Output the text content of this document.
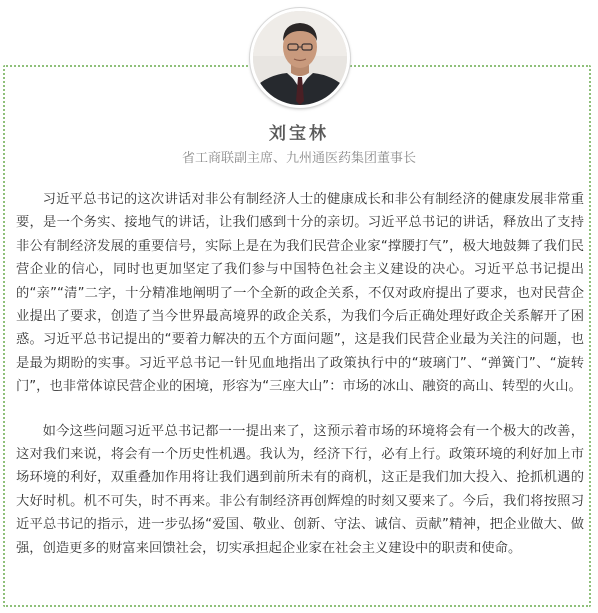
刘宝林
省工商联副主席、九州通医药集团董事长

习近平总书记的这次讲话对非公有制经济人士的健康成长和非公有制经济的健康发展非常重要，是一个务实、接地气的讲话，让我们感到十分的亲切。习近平总书记的讲话，释放出了支持非公有制经济发展的重要信号，实际上是在为我们民营企业家“撑腰打气”，极大地鼓舞了我们民营企业的信心，同时也更加坚定了我们参与中国特色社会主义建设的决心。习近平总书记提出的“亲”“清”二字，十分精准地阐明了一个全新的政企关系，不仅对政府提出了要求，也对民营企业提出了要求，创造了当今世界最高境界的政企关系，为我们今后正确处理好政企关系解开了困惑。习近平总书记提出的“要着力解决的五个方面问题”，这是我们民营企业最为关注的问题，也是最为期盼的实事。习近平总书记一针见血地指出了政策执行中的“玻璃门”、“弹簧门”、“旋转门”，也非常体谅民营企业的困境，形容为“三座大山”：市场的冰山、融资的高山、转型的火山。

如今这些问题习近平总书记都一一提出来了，这预示着市场的环境将会有一个极大的改善，这对我们来说，将会有一个历史性机遇。我认为，经济下行，必有上行。政策环境的利好加上市场环境的利好，双重叠加作用将让我们遇到前所未有的商机，这正是我们加大投入、抢抓机遇的大好时机。机不可失，时不再来。非公有制经济再创辉煌的时刻又要来了。今后，我们将按照习近平总书记的指示，进一步弘扬“爱国、敬业、创新、守法、诚信、贡献”精神，把企业做大、做强，创造更多的财富来回馈社会，切实承担起企业家在社会主义建设中的职责和使命。
